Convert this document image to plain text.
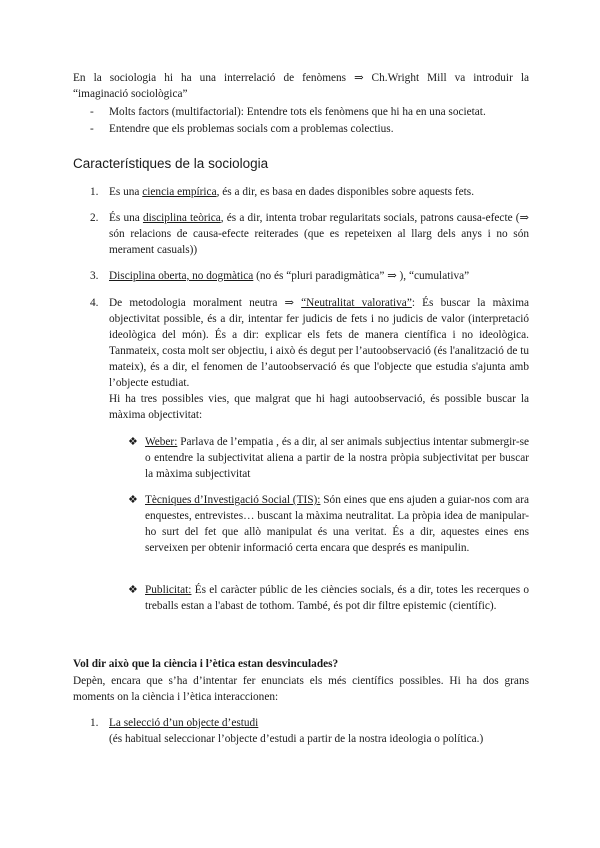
En la sociologia hi ha una interrelació de fenòmens ⇒ Ch.Wright Mill va introduir la
“imaginació sociològica”
- Molts factors (multifactorial): Entendre tots els fenòmens que hi ha en una societat.
- Entendre que els problemas socials com a problemas colectius.
Característiques de la sociologia
1. Es una ciencia empírica, és a dir, es basa en dades disponibles sobre aquests fets.
2. És una disciplina teòrica, és a dir, intenta trobar regularitats socials, patrons causa-efecte (⇒ són relacions de causa-efecte reiterades (que es repeteixen al llarg dels anys i no són merament casuals))
3. Disciplina oberta, no dogmàtica (no és “pluri paradigmàtica” ⇒ ), “cumulativa”
4. De metodologia moralment neutra ⇒ “Neutralitat valorativa”: És buscar la màxima objectivitat possible, és a dir, intentar fer judicis de fets i no judicis de valor (interpretació ideològica del món). És a dir: explicar els fets de manera científica i no ideològica. Tanmateix, costa molt ser objectiu, i això és degut per l’autoobservació (és l'analització de tu mateix), és a dir, el fenomen de l’autoobservació és que l'objecte que estudia s'ajunta amb l’objecte estudiat.
Hi ha tres possibles vies, que malgrat que hi hagi autoobservació, és possible buscar la màxima objectivitat:
❖ Weber: Parlava de l’empatia , és a dir, al ser animals subjectius intentar submergir-se o entendre la subjectivitat aliena a partir de la nostra pròpia subjectivitat per buscar la màxima subjectivitat
❖ Tècniques d’Investigació Social (TIS): Són eines que ens ajuden a guiar-nos com ara enquestes, entrevistes… buscant la màxima neutralitat. La pròpia idea de manipular-ho surt del fet que allò manipulat és una veritat. És a dir, aquestes eines ens serveixen per obtenir informació certa encara que després es manipulin.
❖ Publicitat: És el caràcter públic de les ciències socials, és a dir, totes les recerques o treballs estan a l'abast de tothom. També, és pot dir filtre epistemic (científic).
Vol dir això que la ciència i l’ètica estan desvinculades?
Depèn, encara que s’ha d’intentar fer enunciats els més científics possibles. Hi ha dos grans moments on la ciència i l’ètica interaccionen:
1. La selecció d’un objecte d’estudi
(és habitual seleccionar l’objecte d’estudi a partir de la nostra ideologia o política.)
